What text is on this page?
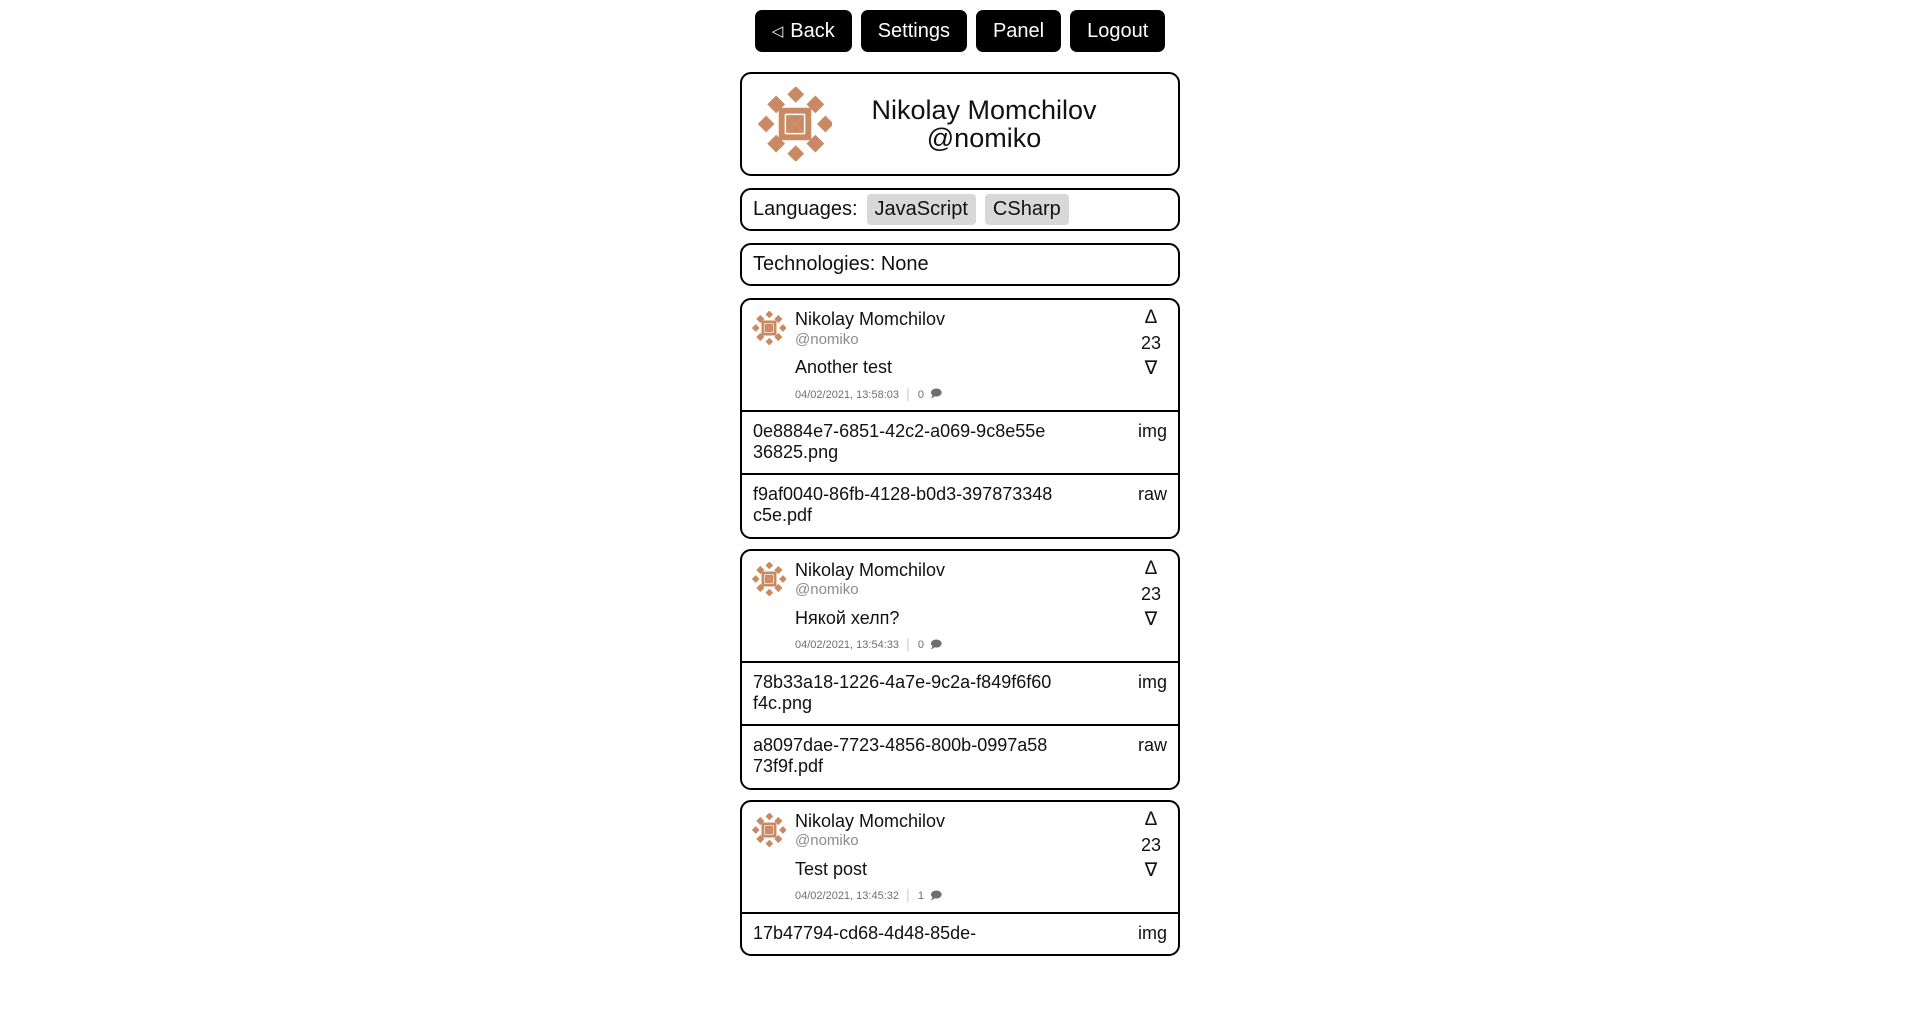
◁ Back Settings Panel Logout
Nikolay Momchilov
@nomiko
Languages: JavaScript	CSharp
Technologies: None
Nikolay Momchilov
@nomiko
Another test
04/02/2021, 13:58:03 │ 0 🗩
Δ
23
∇
0e8884e7-6851-42c2-a069-9c8e55e36825.png
img
f9af0040-86fb-4128-b0d3-397873348c5e.pdf
raw
Nikolay Momchilov
@nomiko
Някой хелп?
04/02/2021, 13:54:33 │ 0 🗩
Δ
23
∇
78b33a18-1226-4a7e-9c2a-f849f6f60f4c.png
img
a8097dae-7723-4856-800b-0997a5873f9f.pdf
raw
Nikolay Momchilov
@nomiko
Test post
04/02/2021, 13:45:32 │ 1 🗩
Δ
23
∇
17b47794-cd68-4d48-85de-	img
